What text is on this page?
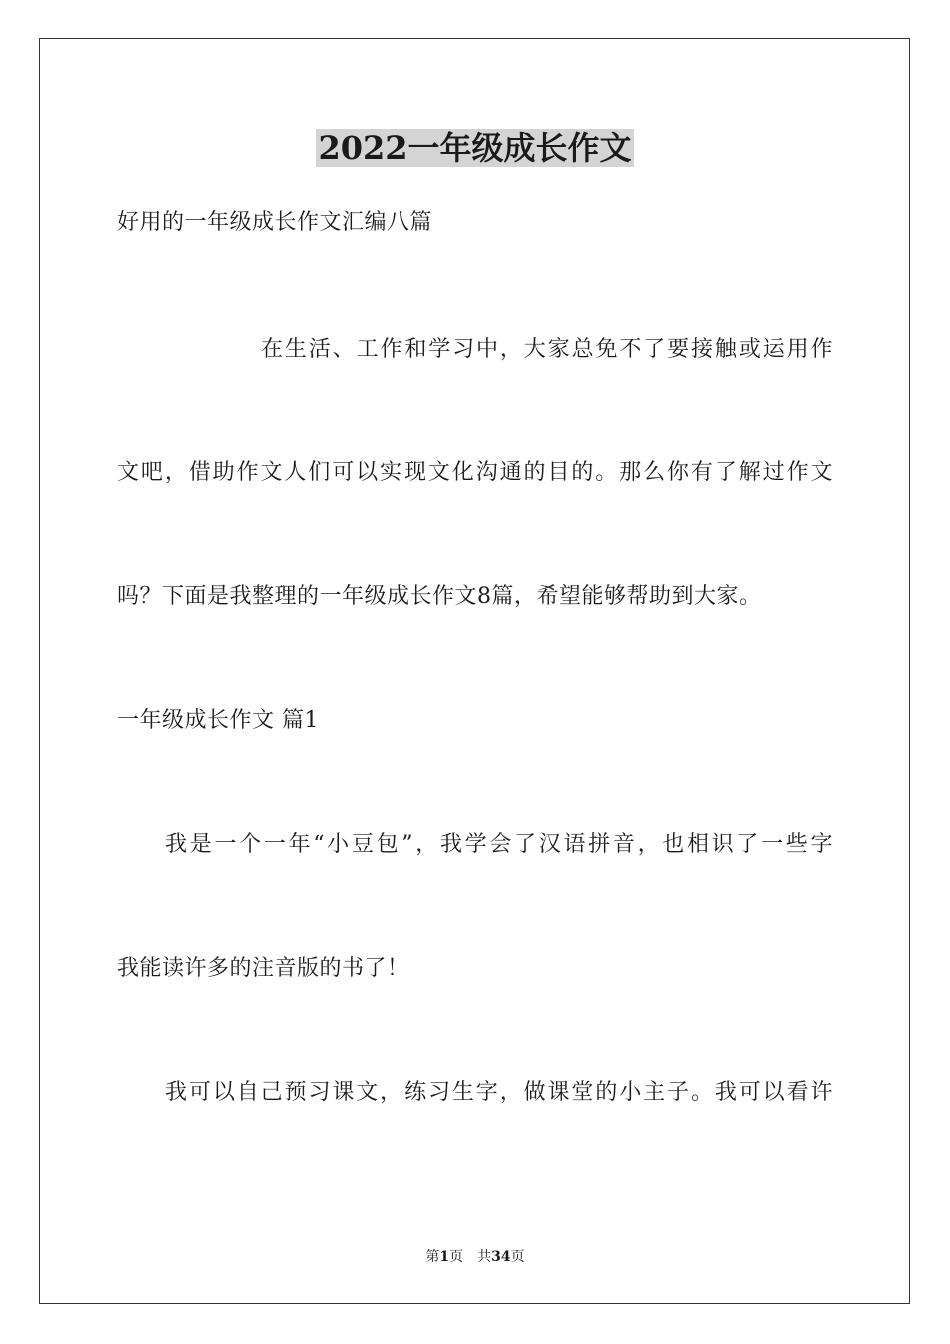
2022一年级成长作文
好用的一年级成长作文汇编八篇
在生活、工作和学习中，大家总免不了要接触或运用作
文吧，借助作文人们可以实现文化沟通的目的。那么你有了解过作文
吗？下面是我整理的一年级成长作文8篇，希望能够帮助到大家。
一年级成长作文 篇1
我是一个一年“小豆包”，我学会了汉语拼音，也相识了一些字
我能读许多的注音版的书了！
我可以自己预习课文，练习生字，做课堂的小主子。我可以看许
第1页 共34页
